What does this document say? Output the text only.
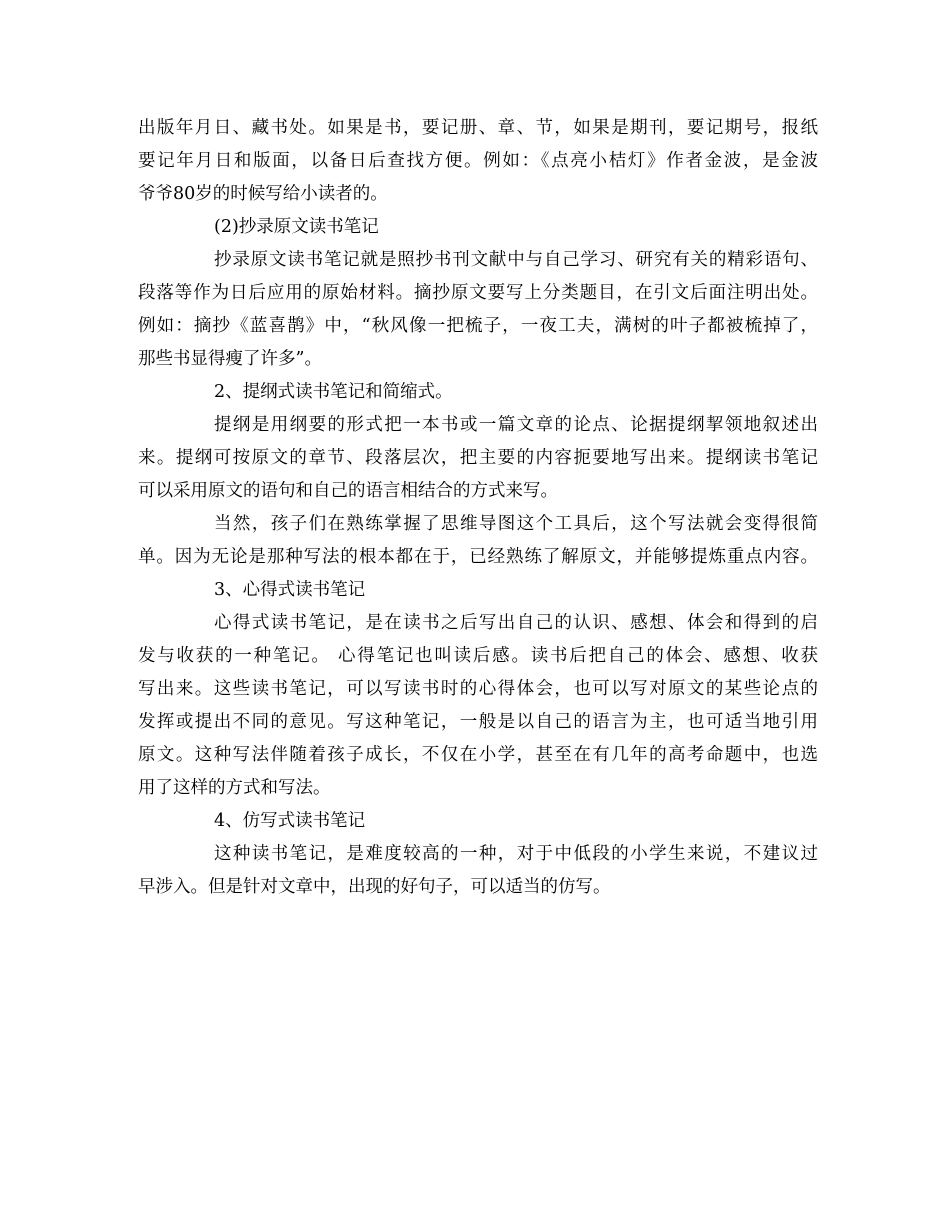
出版年月日、藏书处。如果是书，要记册、章、节，如果是期刊，要记期号，报纸
要记年月日和版面，以备日后查找方便。例如：《点亮小桔灯》作者金波，是金波
爷爷80岁的时候写给小读者的。
(2)抄录原文读书笔记
抄录原文读书笔记就是照抄书刊文献中与自己学习、研究有关的精彩语句、
段落等作为日后应用的原始材料。摘抄原文要写上分类题目，在引文后面注明出处。
例如：摘抄《蓝喜鹊》中，“秋风像一把梳子，一夜工夫，满树的叶子都被梳掉了，
那些书显得瘦了许多”。
2、提纲式读书笔记和简缩式。
提纲是用纲要的形式把一本书或一篇文章的论点、论据提纲挈领地叙述出
来。提纲可按原文的章节、段落层次，把主要的内容扼要地写出来。提纲读书笔记
可以采用原文的语句和自己的语言相结合的方式来写。
当然，孩子们在熟练掌握了思维导图这个工具后，这个写法就会变得很简
单。因为无论是那种写法的根本都在于，已经熟练了解原文，并能够提炼重点内容。
3、心得式读书笔记
心得式读书笔记，是在读书之后写出自己的认识、感想、体会和得到的启
发与收获的一种笔记。 心得笔记也叫读后感。读书后把自己的体会、感想、收获
写出来。这些读书笔记，可以写读书时的心得体会，也可以写对原文的某些论点的
发挥或提出不同的意见。写这种笔记，一般是以自己的语言为主，也可适当地引用
原文。这种写法伴随着孩子成长，不仅在小学，甚至在有几年的高考命题中，也选
用了这样的方式和写法。
4、仿写式读书笔记
这种读书笔记，是难度较高的一种，对于中低段的小学生来说，不建议过
早涉入。但是针对文章中，出现的好句子，可以适当的仿写。
